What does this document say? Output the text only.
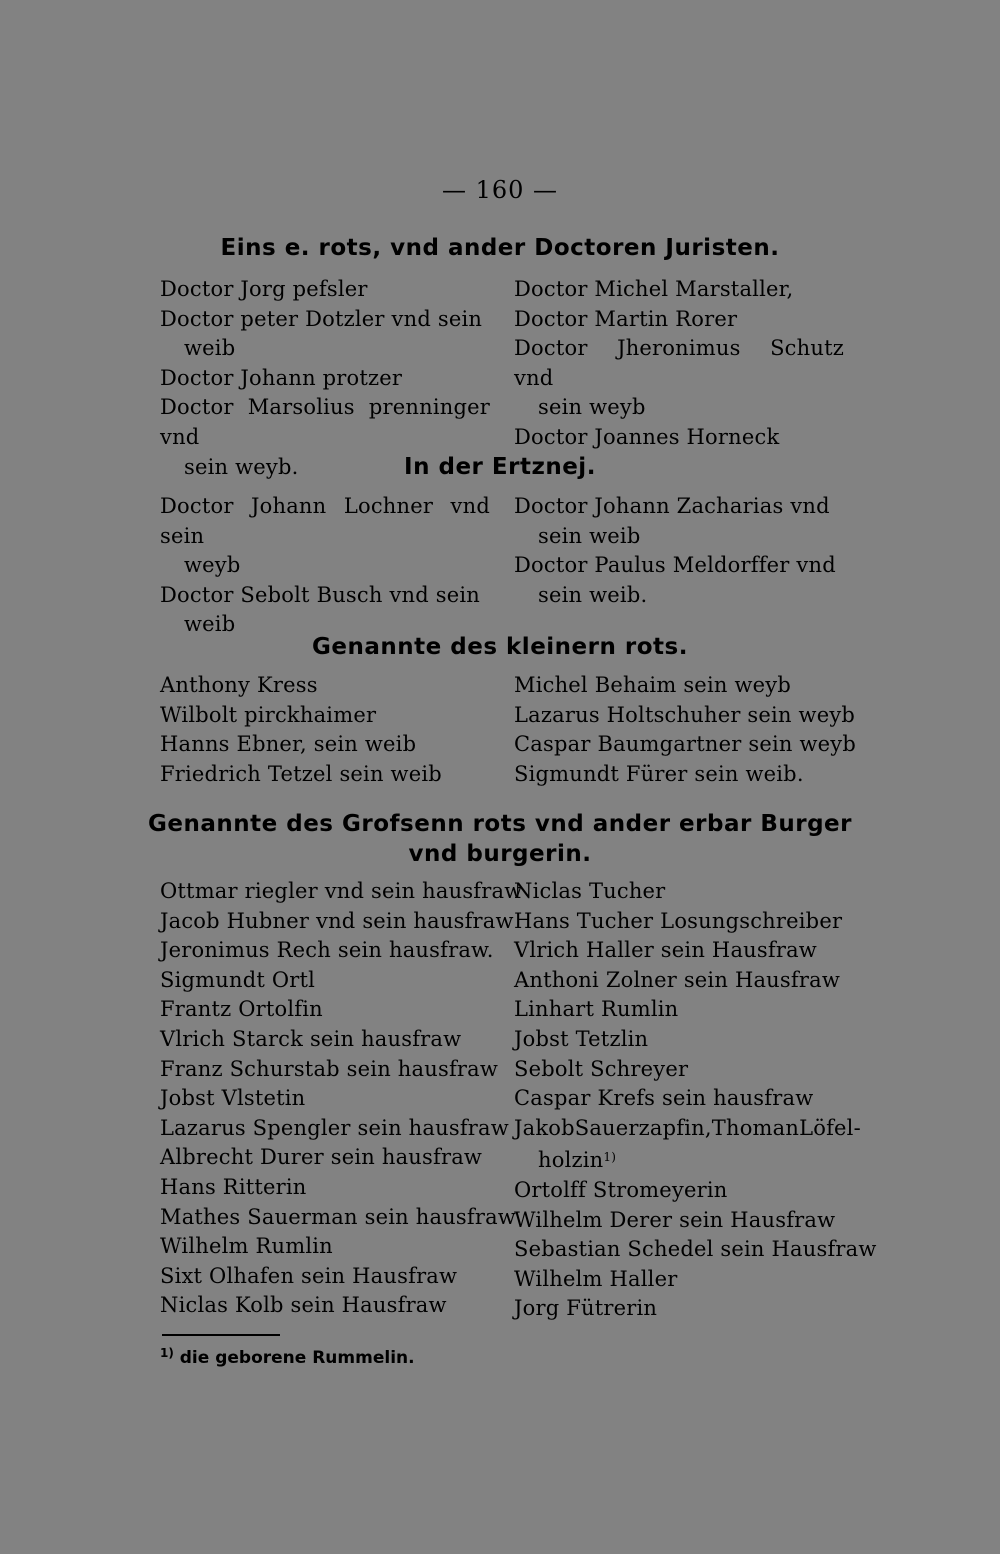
— 160 —
Eins e. rots, vnd ander Doctoren Juristen.
Doctor Jorg pefsler
Doctor peter Dotzler vnd sein
weib
Doctor Johann protzer
Doctor Marsolius prenninger vnd
sein weyb.
Doctor Michel Marstaller,
Doctor Martin Rorer
Doctor Jheronimus Schutz vnd
sein weyb
Doctor Joannes Horneck
In der Ertznej.
Doctor Johann Lochner vnd sein
weyb
Doctor Sebolt Busch vnd sein
weib
Doctor Johann Zacharias vnd
sein weib
Doctor Paulus Meldorffer vnd
sein weib.
Genannte des kleinern rots.
Anthony Kress
Wilbolt pirckhaimer
Hanns Ebner, sein weib
Friedrich Tetzel sein weib
Michel Behaim sein weyb
Lazarus Holtschuher sein weyb
Caspar Baumgartner sein weyb
Sigmundt Fürer sein weib.
Genannte des Grofsenn rots vnd ander erbar Burger
vnd burgerin.
Ottmar riegler vnd sein hausfraw
Jacob Hubner vnd sein hausfraw
Jeronimus Rech sein hausfraw.
Sigmundt Ortl
Frantz Ortolfin
Vlrich Starck sein hausfraw
Franz Schurstab sein hausfraw
Jobst Vlstetin
Lazarus Spengler sein hausfraw
Albrecht Durer sein hausfraw
Hans Ritterin
Mathes Sauerman sein hausfraw
Wilhelm Rumlin
Sixt Olhafen sein Hausfraw
Niclas Kolb sein Hausfraw
Niclas Tucher
Hans Tucher Losungschreiber
Vlrich Haller sein Hausfraw
Anthoni Zolner sein Hausfraw
Linhart Rumlin
Jobst Tetzlin
Sebolt Schreyer
Caspar Krefs sein hausfraw
JakobSauerzapfin,ThomanLöfel-
holzin$^{1)}$
Ortolff Stromeyerin
Wilhelm Derer sein Hausfraw
Sebastian Schedel sein Hausfraw
Wilhelm Haller
Jorg Fütrerin
$^{1)}$ die geborene Rummelin.
